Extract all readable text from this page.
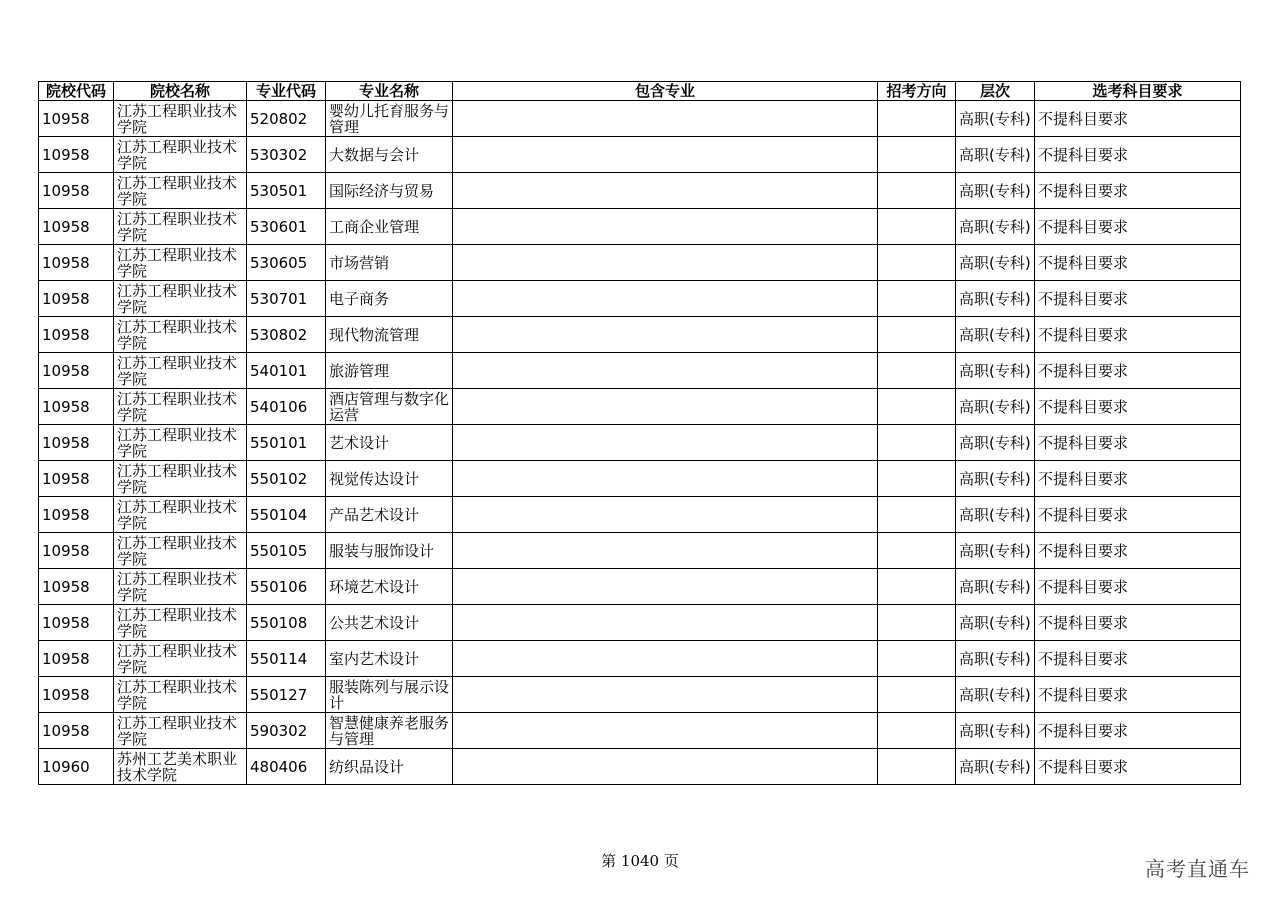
院校代码	院校名称	专业代码	专业名称	包含专业	招考方向	层次	选考科目要求
10958	江苏工程职业技术学院	520802	婴幼儿托育服务与管理			高职(专科)	不提科目要求
10958	江苏工程职业技术学院	530302	大数据与会计			高职(专科)	不提科目要求
10958	江苏工程职业技术学院	530501	国际经济与贸易			高职(专科)	不提科目要求
10958	江苏工程职业技术学院	530601	工商企业管理			高职(专科)	不提科目要求
10958	江苏工程职业技术学院	530605	市场营销			高职(专科)	不提科目要求
10958	江苏工程职业技术学院	530701	电子商务			高职(专科)	不提科目要求
10958	江苏工程职业技术学院	530802	现代物流管理			高职(专科)	不提科目要求
10958	江苏工程职业技术学院	540101	旅游管理			高职(专科)	不提科目要求
10958	江苏工程职业技术学院	540106	酒店管理与数字化运营			高职(专科)	不提科目要求
10958	江苏工程职业技术学院	550101	艺术设计			高职(专科)	不提科目要求
10958	江苏工程职业技术学院	550102	视觉传达设计			高职(专科)	不提科目要求
10958	江苏工程职业技术学院	550104	产品艺术设计			高职(专科)	不提科目要求
10958	江苏工程职业技术学院	550105	服装与服饰设计			高职(专科)	不提科目要求
10958	江苏工程职业技术学院	550106	环境艺术设计			高职(专科)	不提科目要求
10958	江苏工程职业技术学院	550108	公共艺术设计			高职(专科)	不提科目要求
10958	江苏工程职业技术学院	550114	室内艺术设计			高职(专科)	不提科目要求
10958	江苏工程职业技术学院	550127	服装陈列与展示设计			高职(专科)	不提科目要求
10958	江苏工程职业技术学院	590302	智慧健康养老服务与管理			高职(专科)	不提科目要求
10960	苏州工艺美术职业技术学院	480406	纺织品设计			高职(专科)	不提科目要求
第 1040 页	高考直通车
